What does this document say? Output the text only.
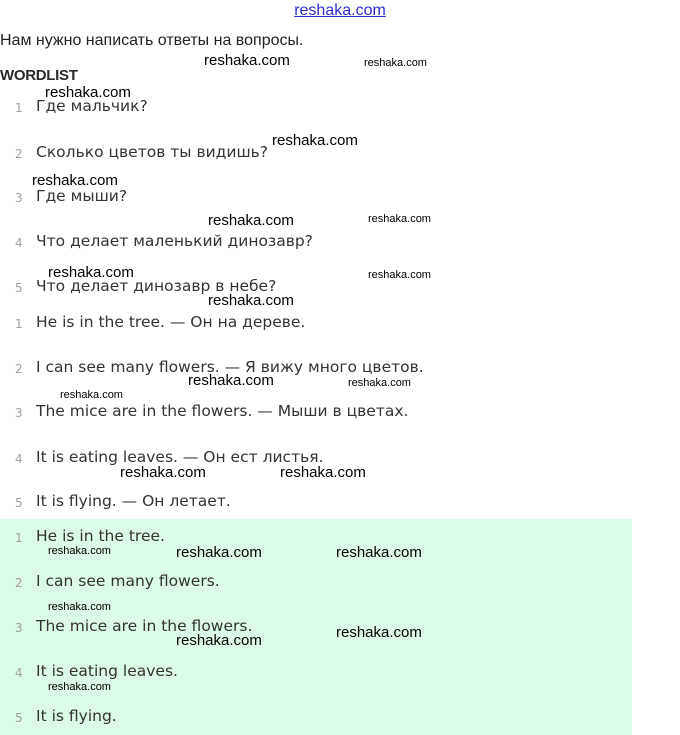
reshaka.com
Нам нужно написать ответы на вопросы.
WORDLIST
1 Где мальчик?
2 Сколько цветов ты видишь?
3 Где мыши?
4 Что делает маленький динозавр?
5 Что делает динозавр в небе?
1 He is in the tree. — Он на дереве.
2 I can see many flowers. — Я вижу много цветов.
3 The mice are in the flowers. — Мыши в цветах.
4 It is eating leaves. — Он ест листья.
5 It is flying. — Он летает.
1 He is in the tree.
2 I can see many flowers.
3 The mice are in the flowers.
4 It is eating leaves.
5 It is flying.
reshaka.com	reshaka.com
reshaka.com
reshaka.com
reshaka.com
reshaka.com	reshaka.com
reshaka.com	reshaka.com
reshaka.com
reshaka.com	reshaka.com
reshaka.com
reshaka.com	reshaka.com
reshaka.com	reshaka.com	reshaka.com
reshaka.com
reshaka.com
reshaka.com
reshaka.com
